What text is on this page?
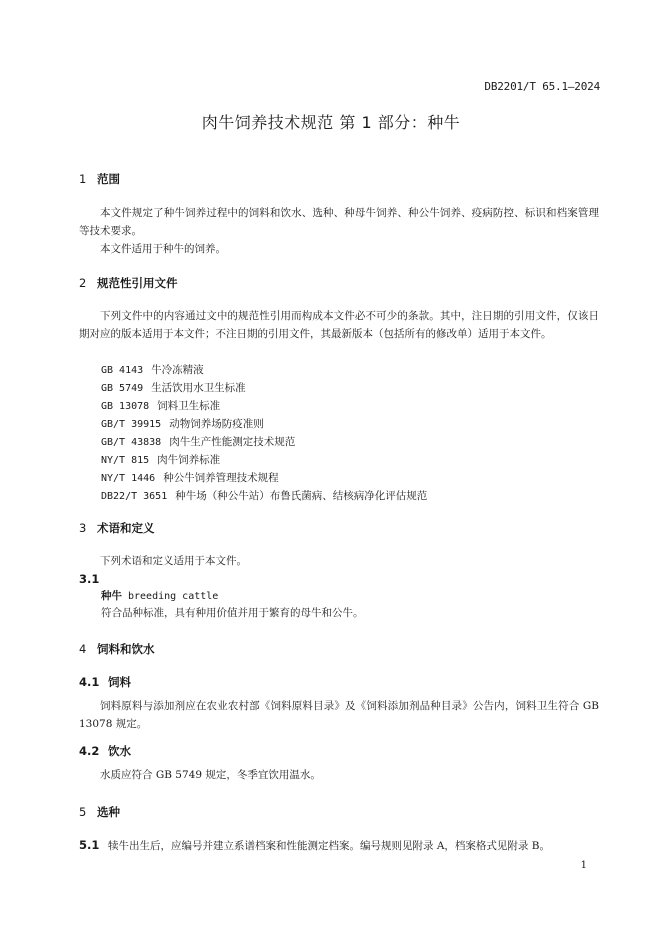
DB2201/T 65.1—2024
肉牛饲养技术规范 第 1 部分：种牛
1 范围

本文件规定了种牛饲养过程中的饲料和饮水、选种、种母牛饲养、种公牛饲养、疫病防控、标识和档案管理等技术要求。

本文件适用于种牛的饲养。

2 规范性引用文件

下列文件中的内容通过文中的规范性引用而构成本文件必不可少的条款。其中，注日期的引用文件，仅该日期对应的版本适用于本文件；不注日期的引用文件，其最新版本（包括所有的修改单）适用于本文件。

GB 4143 牛冷冻精液
GB 5749 生活饮用水卫生标准
GB 13078 饲料卫生标准
GB/T 39915 动物饲养场防疫准则
GB/T 43838 肉牛生产性能测定技术规范
NY/T 815 肉牛饲养标准
NY/T 1446 种公牛饲养管理技术规程
DB22/T 3651 种牛场（种公牛站）布鲁氏菌病、结核病净化评估规范
3 术语和定义

下列术语和定义适用于本文件。

3.1
种牛 breeding cattle
符合品种标准，具有种用价值并用于繁育的母牛和公牛。
4 饲料和饮水
4.1 饲料

饲料原料与添加剂应在农业农村部《饲料原料目录》及《饲料添加剂品种目录》公告内，饲料卫生符合 GB 13078 规定。

4.2 饮水

水质应符合 GB 5749 规定，冬季宜饮用温水。

5 选种
5.1 犊牛出生后，应编号并建立系谱档案和性能测定档案。编号规则见附录 A，档案格式见附录 B。
1
